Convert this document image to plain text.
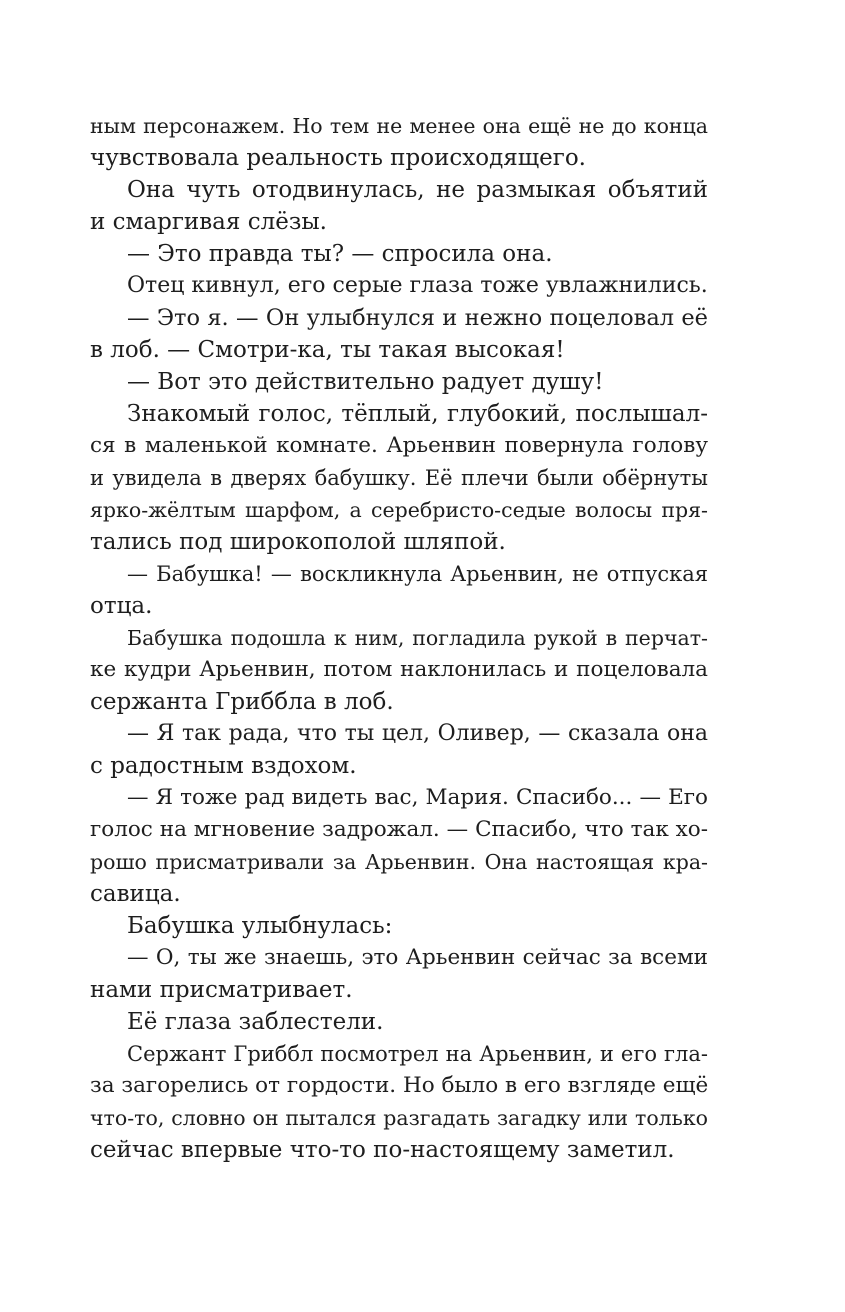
ным персонажем. Но тем не менее она ещё не до конца
чувствовала реальность происходящего.
Она чуть отодвинулась, не размыкая объятий
и смаргивая слёзы.
— Это правда ты? — спросила она.
Отец кивнул, его серые глаза тоже увлажнились.
— Это я. — Он улыбнулся и нежно поцеловал её
в лоб. — Смотри-ка, ты такая высокая!
— Вот это действительно радует душу!
Знакомый голос, тёплый, глубокий, послышал-
ся в маленькой комнате. Арьенвин повернула голову
и увидела в дверях бабушку. Её плечи были обёрнуты
ярко-жёлтым шарфом, а серебристо-седые волосы пря-
тались под широкополой шляпой.
— Бабушка! — воскликнула Арьенвин, не отпуская
отца.
Бабушка подошла к ним, погладила рукой в перчат-
ке кудри Арьенвин, потом наклонилась и поцеловала
сержанта Гриббла в лоб.
— Я так рада, что ты цел, Оливер, — сказала она
с радостным вздохом.
— Я тоже рад видеть вас, Мария. Спасибо... — Его
голос на мгновение задрожал. — Спасибо, что так хо-
рошо присматривали за Арьенвин. Она настоящая кра-
савица.
Бабушка улыбнулась:
— О, ты же знаешь, это Арьенвин сейчас за всеми
нами присматривает.
Её глаза заблестели.
Сержант Гриббл посмотрел на Арьенвин, и его гла-
за загорелись от гордости. Но было в его взгляде ещё
что-то, словно он пытался разгадать загадку или только
сейчас впервые что-то по-настоящему заметил.
